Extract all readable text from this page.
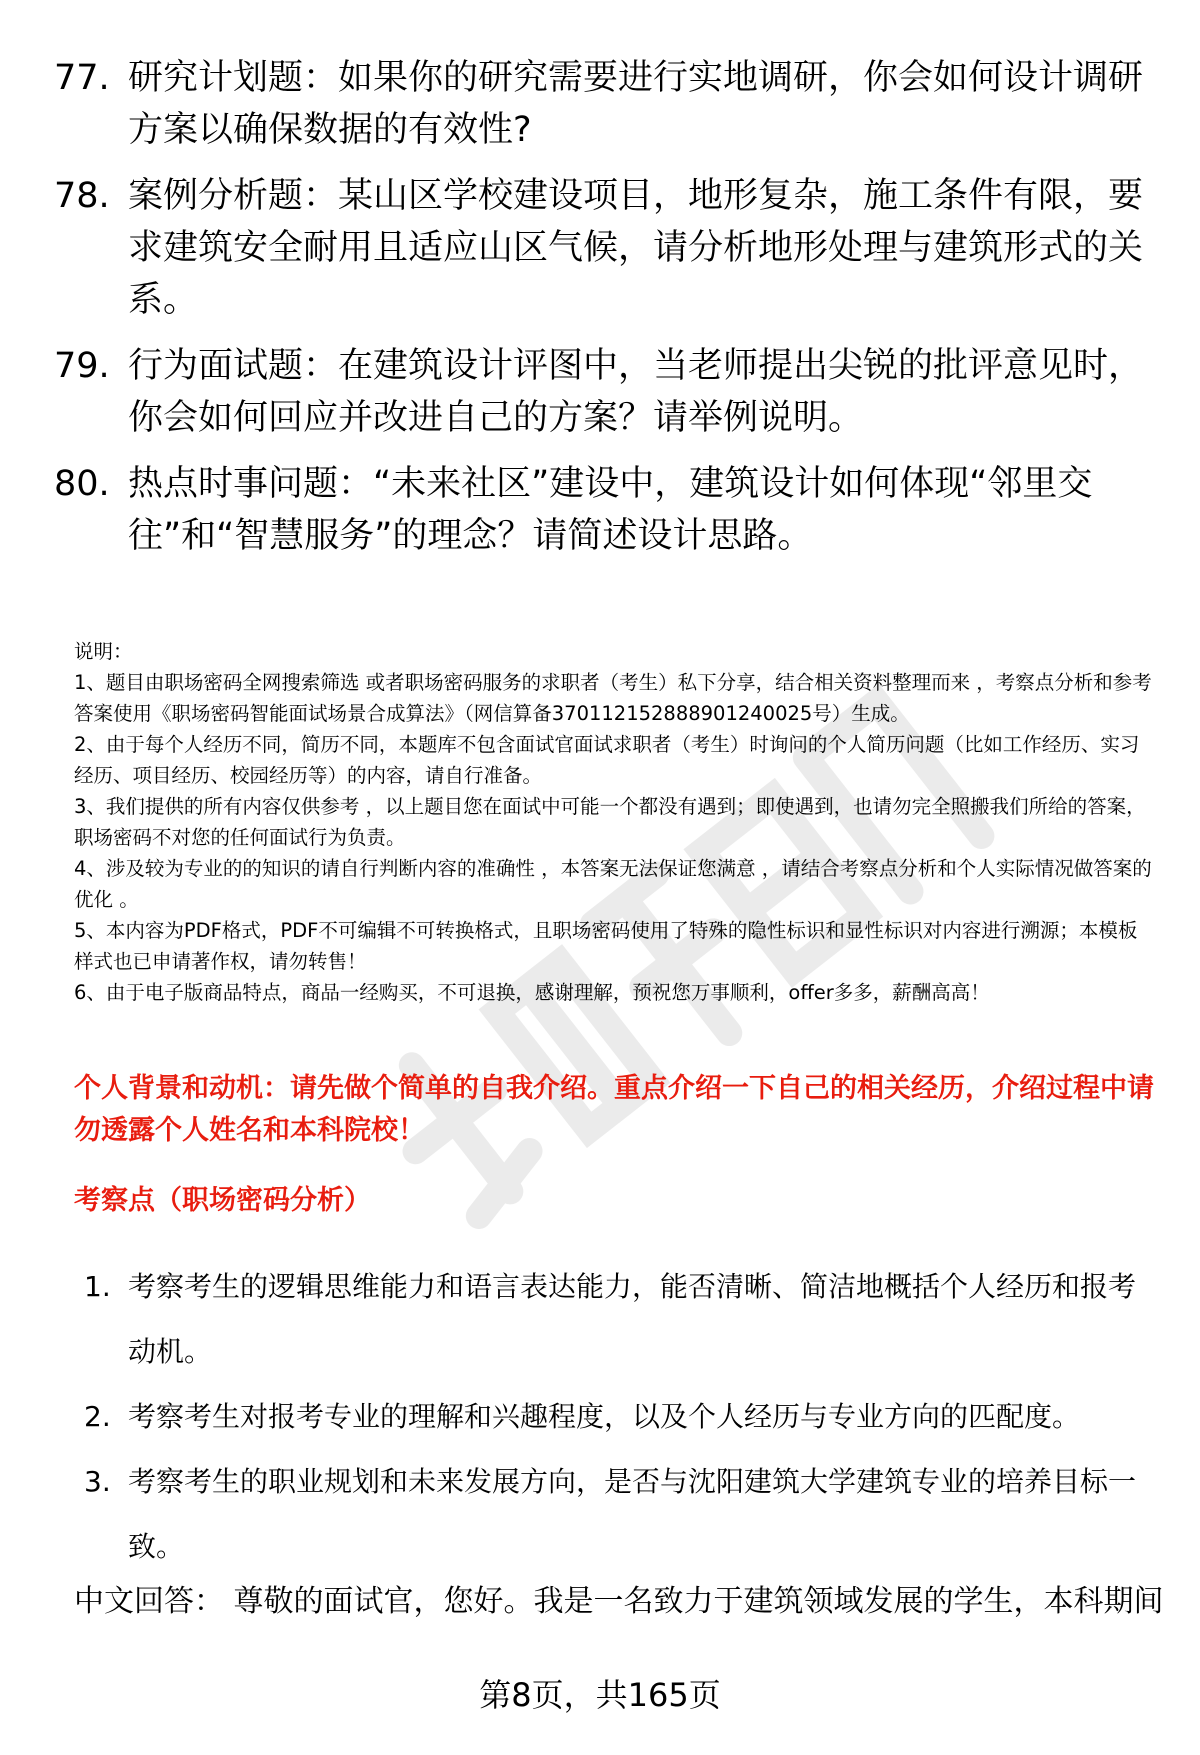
77. 研究计划题：如果你的研究需要进行实地调研，你会如何设计调研方案以确保数据的有效性?
78. 案例分析题：某山区学校建设项目，地形复杂，施工条件有限，要求建筑安全耐用且适应山区气候，请分析地形处理与建筑形式的关系。
79. 行为面试题：在建筑设计评图中，当老师提出尖锐的批评意见时，你会如何回应并改进自己的方案？请举例说明。
80. 热点时事问题：“未来社区”建设中，建筑设计如何体现“邻里交往”和“智慧服务”的理念？请简述设计思路。
说明：
1、题目由职场密码全网搜索筛选 或者职场密码服务的求职者（考生）私下分享，结合相关资料整理而来 ，考察点分析和参考答案使用《职场密码智能面试场景合成算法》（网信算备370112152888901240025号）生成。
2、由于每个人经历不同，简历不同，本题库不包含面试官面试求职者（考生）时询问的个人简历问题（比如工作经历、实习经历、项目经历、校园经历等）的内容，请自行准备。
3、我们提供的所有内容仅供参考 ，以上题目您在面试中可能一个都没有遇到；即使遇到，也请勿完全照搬我们所给的答案，职场密码不对您的任何面试行为负责。
4、涉及较为专业的的知识的请自行判断内容的准确性 ，本答案无法保证您满意 ，请结合考察点分析和个人实际情况做答案的优化 。
5、本内容为PDF格式，PDF不可编辑不可转换格式，且职场密码使用了特殊的隐性标识和显性标识对内容进行溯源；本模板样式也已申请著作权，请勿转售！
6、由于电子版商品特点，商品一经购买，不可退换，感谢理解，预祝您万事顺利，offer多多，薪酬高高！
个人背景和动机：请先做个简单的自我介绍。重点介绍一下自己的相关经历，介绍过程中请勿透露个人姓名和本科院校！
考察点（职场密码分析）
1. 考察考生的逻辑思维能力和语言表达能力，能否清晰、简洁地概括个人经历和报考动机。
2. 考察考生对报考专业的理解和兴趣程度，以及个人经历与专业方向的匹配度。
3. 考察考生的职业规划和未来发展方向，是否与沈阳建筑大学建筑专业的培养目标一致。
中文回答： 尊敬的面试官，您好。我是一名致力于建筑领域发展的学生，本科期间
第8页，共165页
